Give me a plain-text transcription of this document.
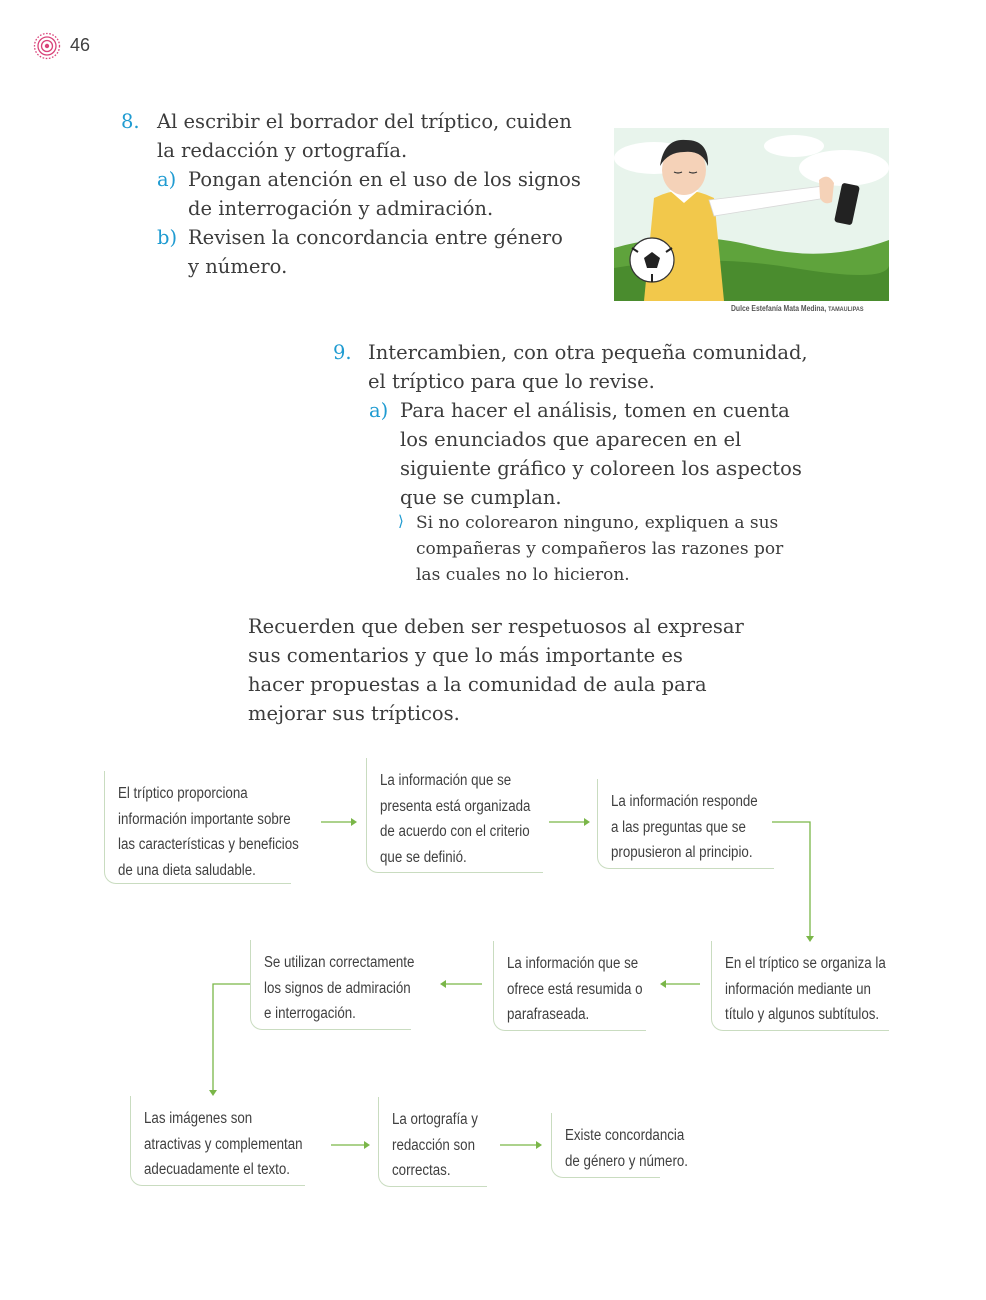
46
8. Al escribir el borrador del tríptico, cuiden
la redacción y ortografía.
a) Pongan atención en el uso de los signos
de interrogación y admiración.
b) Revisen la concordancia entre género
y número.
Dulce Estefanía Mata Medina, TAMAULIPAS
9. Intercambien, con otra pequeña comunidad,
el tríptico para que lo revise.
a) Para hacer el análisis, tomen en cuenta
los enunciados que aparecen en el
siguiente gráfico y coloreen los aspectos
que se cumplan.
⟩ Si no colorearon ninguno, expliquen a sus
compañeras y compañeros las razones por
las cuales no lo hicieron.
Recuerden que deben ser respetuosos al expresar
sus comentarios y que lo más importante es
hacer propuestas a la comunidad de aula para
mejorar sus trípticos.
El tríptico proporciona
información importante sobre
las características y beneficios
de una dieta saludable.
La información que se
presenta está organizada
de acuerdo con el criterio
que se definió.
La información responde
a las preguntas que se
propusieron al principio.
En el tríptico se organiza la
información mediante un
título y algunos subtítulos.
La información que se
ofrece está resumida o
parafraseada.
Se utilizan correctamente
los signos de admiración
e interrogación.
Las imágenes son
atractivas y complementan
adecuadamente el texto.
La ortografía y
redacción son
correctas.
Existe concordancia
de género y número.
